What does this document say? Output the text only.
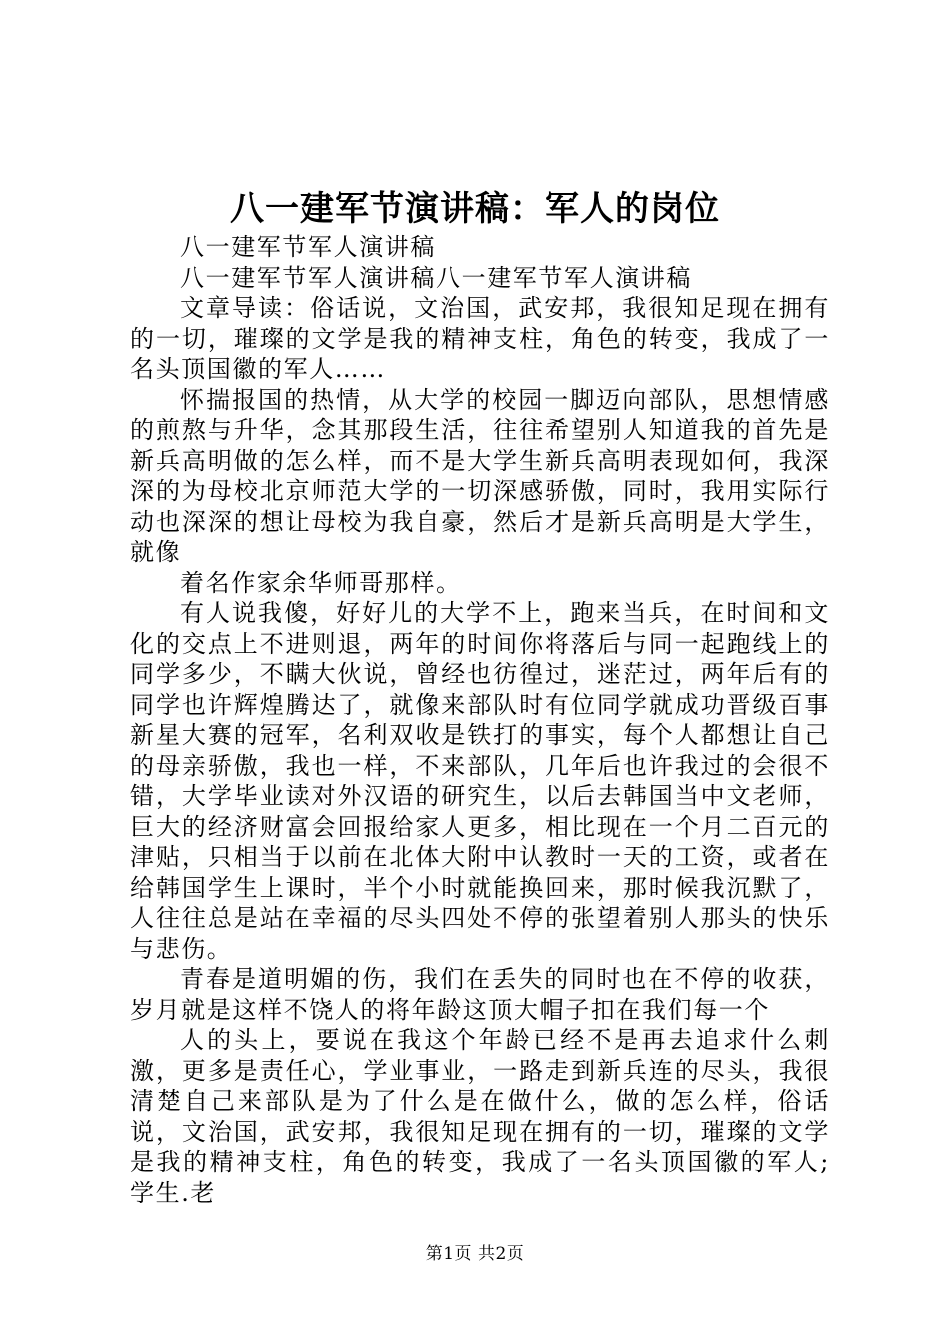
八一建军节演讲稿：军人的岗位

八一建军节军人演讲稿

八一建军节军人演讲稿八一建军节军人演讲稿

文章导读：俗话说，文治国，武安邦，我很知足现在拥有的一切，璀璨的文学是我的精神支柱，角色的转变，我成了一名头顶国徽的军人……

怀揣报国的热情，从大学的校园一脚迈向部队，思想情感的煎熬与升华，念其那段生活，往往希望别人知道我的首先是新兵高明做的怎么样，而不是大学生新兵高明表现如何，我深深的为母校北京师范大学的一切深感骄傲，同时，我用实际行动也深深的想让母校为我自豪，然后才是新兵高明是大学生，就像

着名作家余华师哥那样。

有人说我傻，好好儿的大学不上，跑来当兵，在时间和文化的交点上不进则退，两年的时间你将落后与同一起跑线上的同学多少，不瞒大伙说，曾经也彷徨过，迷茫过，两年后有的同学也许辉煌腾达了，就像来部队时有位同学就成功晋级百事新星大赛的冠军，名利双收是铁打的事实，每个人都想让自己的母亲骄傲，我也一样，不来部队，几年后也许我过的会很不错，大学毕业读对外汉语的研究生，以后去韩国当中文老师，巨大的经济财富会回报给家人更多，相比现在一个月二百元的津贴，只相当于以前在北体大附中认教时一天的工资，或者在给韩国学生上课时，半个小时就能换回来，那时候我沉默了，人往往总是站在幸福的尽头四处不停的张望着别人那头的快乐与悲伤。

青春是道明媚的伤，我们在丢失的同时也在不停的收获，岁月就是这样不饶人的将年龄这顶大帽子扣在我们每一个

人的头上，要说在我这个年龄已经不是再去追求什么刺激，更多是责任心，学业事业，一路走到新兵连的尽头，我很清楚自己来部队是为了什么是在做什么，做的怎么样，俗话说，文治国，武安邦，我很知足现在拥有的一切，璀璨的文学是我的精神支柱，角色的转变，我成了一名头顶国徽的军人;学生.老

第1页 共2页
